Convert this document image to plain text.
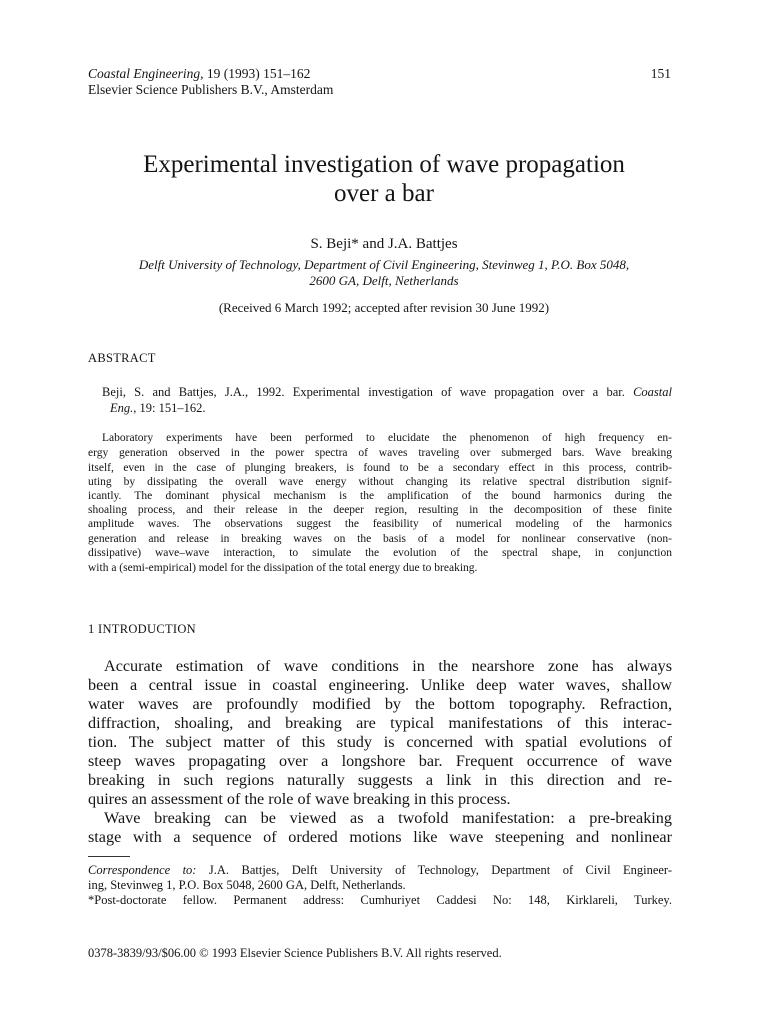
Coastal Engineering, 19 (1993) 151–162
Elsevier Science Publishers B.V., Amsterdam
151
Experimental investigation of wave propagation
over a bar
S. Beji* and J.A. Battjes
Delft University of Technology, Department of Civil Engineering, Stevinweg 1, P.O. Box 5048,
2600 GA, Delft, Netherlands
(Received 6 March 1992; accepted after revision 30 June 1992)
ABSTRACT
Beji, S. and Battjes, J.A., 1992. Experimental investigation of wave propagation over a bar. Coastal
Eng., 19: 151–162.
Laboratory experiments have been performed to elucidate the phenomenon of high frequency en-
ergy generation observed in the power spectra of waves traveling over submerged bars. Wave breaking
itself, even in the case of plunging breakers, is found to be a secondary effect in this process, contrib-
uting by dissipating the overall wave energy without changing its relative spectral distribution signif-
icantly. The dominant physical mechanism is the amplification of the bound harmonics during the
shoaling process, and their release in the deeper region, resulting in the decomposition of these finite
amplitude waves. The observations suggest the feasibility of numerical modeling of the harmonics
generation and release in breaking waves on the basis of a model for nonlinear conservative (non-
dissipative) wave–wave interaction, to simulate the evolution of the spectral shape, in conjunction
with a (semi-empirical) model for the dissipation of the total energy due to breaking.
1 INTRODUCTION
Accurate estimation of wave conditions in the nearshore zone has always
been a central issue in coastal engineering. Unlike deep water waves, shallow
water waves are profoundly modified by the bottom topography. Refraction,
diffraction, shoaling, and breaking are typical manifestations of this interac-
tion. The subject matter of this study is concerned with spatial evolutions of
steep waves propagating over a longshore bar. Frequent occurrence of wave
breaking in such regions naturally suggests a link in this direction and re-
quires an assessment of the role of wave breaking in this process.
Wave breaking can be viewed as a twofold manifestation: a pre-breaking
stage with a sequence of ordered motions like wave steepening and nonlinear
Correspondence to: J.A. Battjes, Delft University of Technology, Department of Civil Engineer-
ing, Stevinweg 1, P.O. Box 5048, 2600 GA, Delft, Netherlands.
*Post-doctorate fellow. Permanent address: Cumhuriyet Caddesi No: 148, Kirklareli, Turkey.
0378-3839/93/$06.00 © 1993 Elsevier Science Publishers B.V. All rights reserved.
